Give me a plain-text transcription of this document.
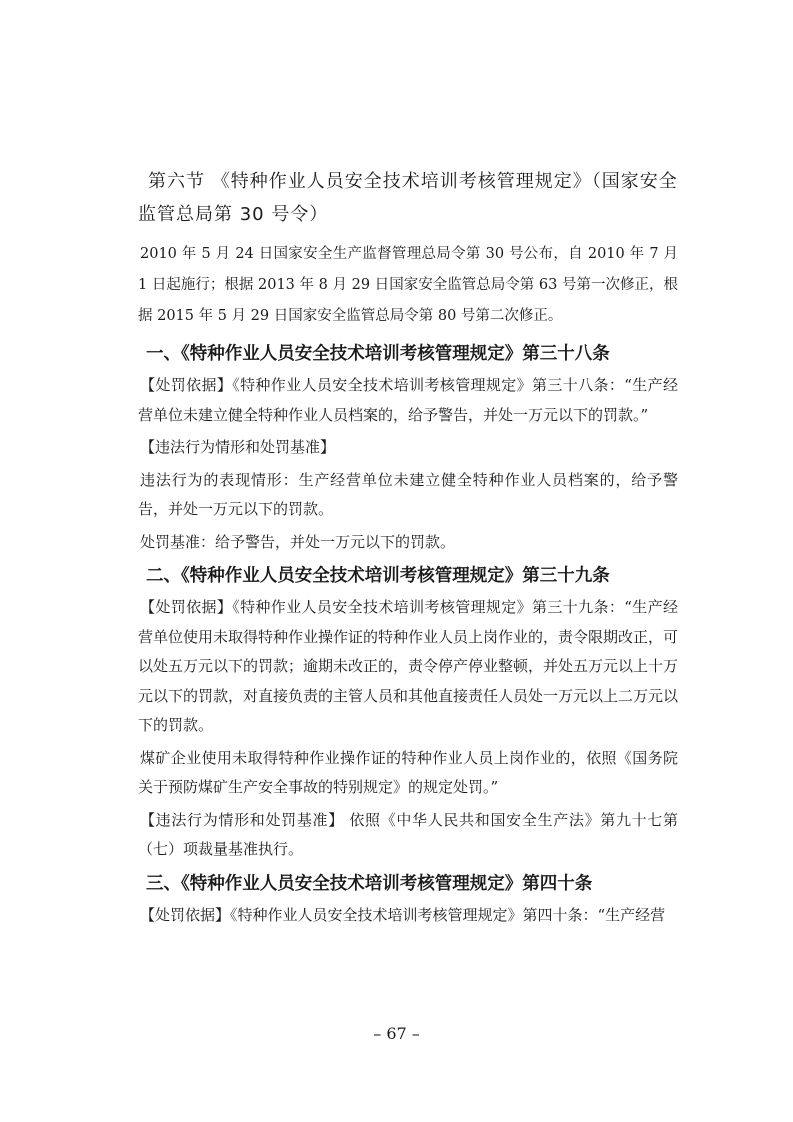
第六节 《特种作业人员安全技术培训考核管理规定》（国家安全监管总局第 30 号令）

2010 年 5 月 24 日国家安全生产监督管理总局令第 30 号公布，自 2010 年 7 月 1 日起施行；根据 2013 年 8 月 29 日国家安全监管总局令第 63 号第一次修正，根据 2015 年 5 月 29 日国家安全监管总局令第 80 号第二次修正。

一、《特种作业人员安全技术培训考核管理规定》第三十八条

【处罚依据】《特种作业人员安全技术培训考核管理规定》第三十八条：“生产经营单位未建立健全特种作业人员档案的，给予警告，并处一万元以下的罚款。”

【违法行为情形和处罚基准】

违法行为的表现情形：生产经营单位未建立健全特种作业人员档案的，给予警告，并处一万元以下的罚款。

处罚基准：给予警告，并处一万元以下的罚款。

二、《特种作业人员安全技术培训考核管理规定》第三十九条

【处罚依据】《特种作业人员安全技术培训考核管理规定》第三十九条：“生产经营单位使用未取得特种作业操作证的特种作业人员上岗作业的，责令限期改正，可以处五万元以下的罚款；逾期未改正的，责令停产停业整顿，并处五万元以上十万元以下的罚款，对直接负责的主管人员和其他直接责任人员处一万元以上二万元以下的罚款。

煤矿企业使用未取得特种作业操作证的特种作业人员上岗作业的，依照《国务院关于预防煤矿生产安全事故的特别规定》的规定处罚。”

【违法行为情形和处罚基准】 依照《中华人民共和国安全生产法》第九十七第（七）项裁量基准执行。

三、《特种作业人员安全技术培训考核管理规定》第四十条

【处罚依据】《特种作业人员安全技术培训考核管理规定》第四十条：“生产经营

– 67 –
